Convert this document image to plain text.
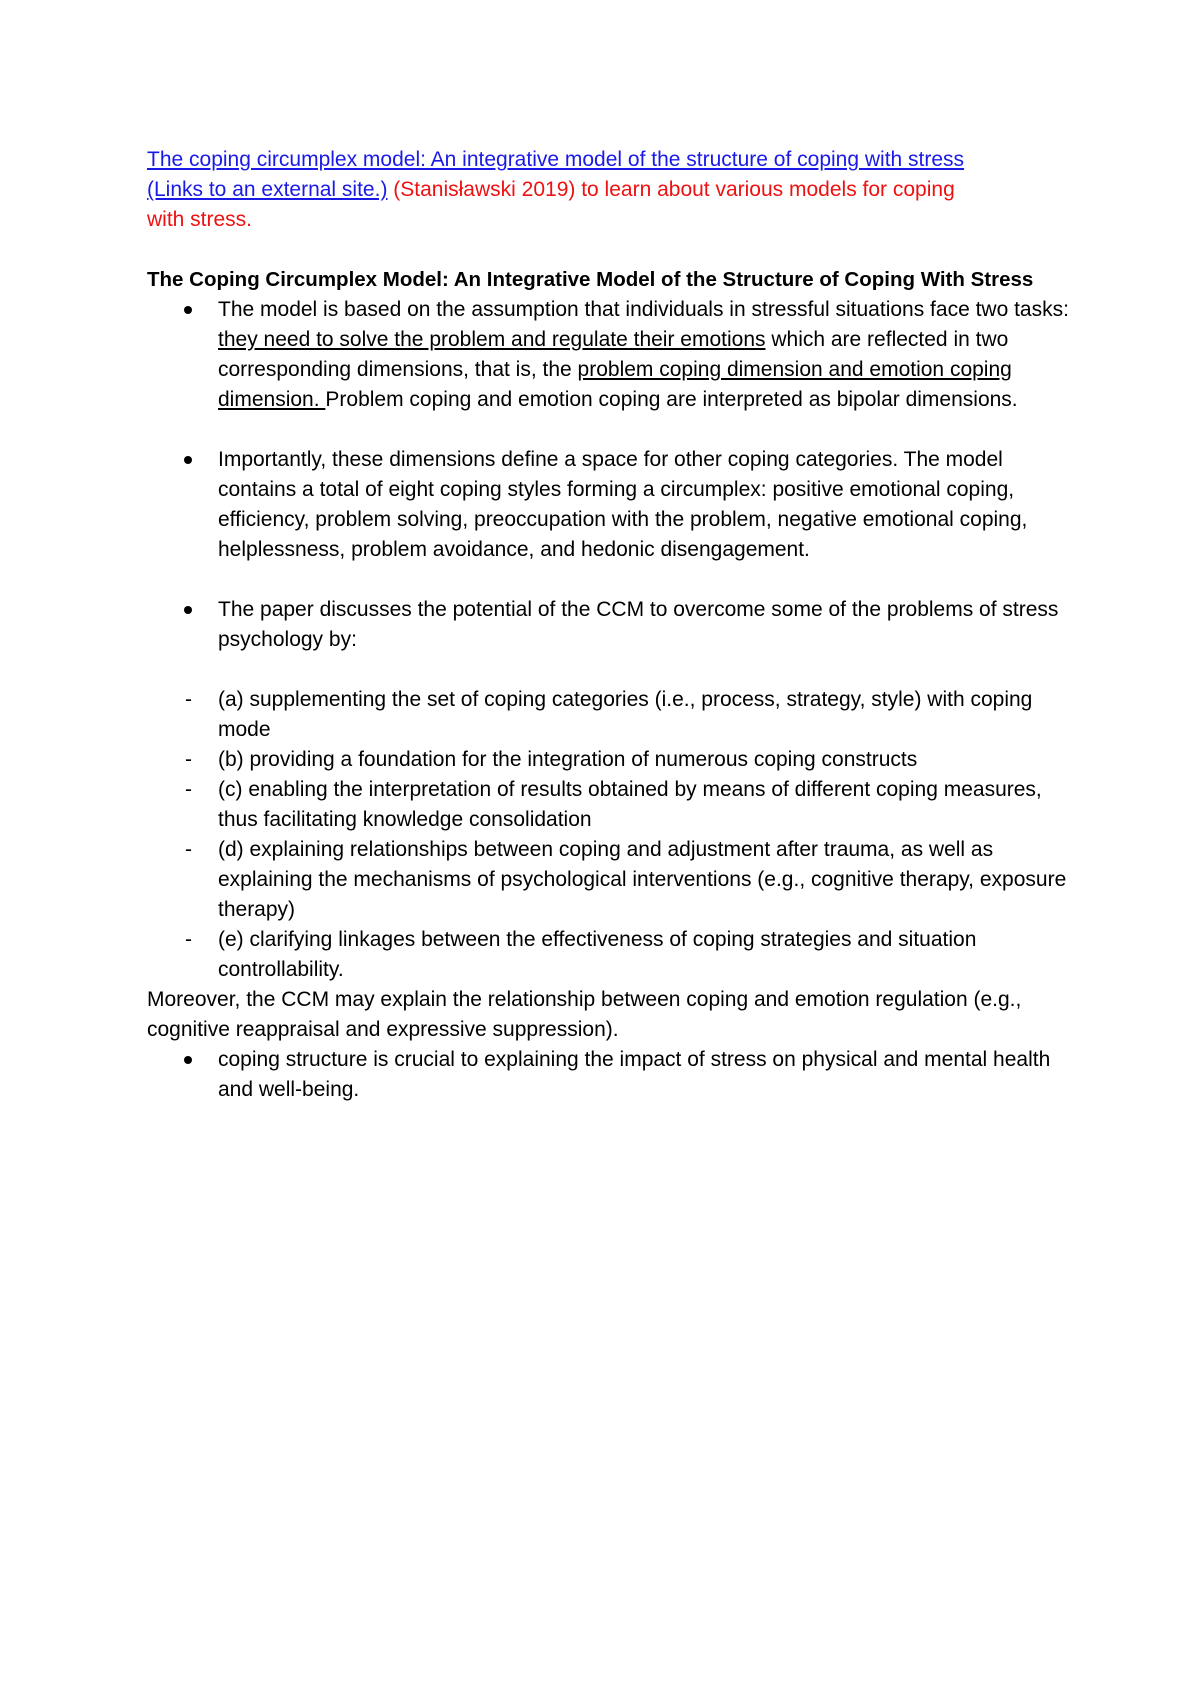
The coping circumplex model: An integrative model of the structure of coping with stress (Links to an external site.) (Stanisławski 2019) to learn about various models for coping with stress.

The Coping Circumplex Model: An Integrative Model of the Structure of Coping With Stress

The model is based on the assumption that individuals in stressful situations face two tasks: they need to solve the problem and regulate their emotions which are reflected in two corresponding dimensions, that is, the problem coping dimension and emotion coping dimension. Problem coping and emotion coping are interpreted as bipolar dimensions.
Importantly, these dimensions define a space for other coping categories. The model contains a total of eight coping styles forming a circumplex: positive emotional coping, efficiency, problem solving, preoccupation with the problem, negative emotional coping, helplessness, problem avoidance, and hedonic disengagement.
The paper discusses the potential of the CCM to overcome some of the problems of stress psychology by:
- (a) supplementing the set of coping categories (i.e., process, strategy, style) with coping mode
- (b) providing a foundation for the integration of numerous coping constructs
- (c) enabling the interpretation of results obtained by means of different coping measures, thus facilitating knowledge consolidation
- (d) explaining relationships between coping and adjustment after trauma, as well as explaining the mechanisms of psychological interventions (e.g., cognitive therapy, exposure therapy)
- (e) clarifying linkages between the effectiveness of coping strategies and situation controllability.

Moreover, the CCM may explain the relationship between coping and emotion regulation (e.g., cognitive reappraisal and expressive suppression).

coping structure is crucial to explaining the impact of stress on physical and mental health and well-being.
